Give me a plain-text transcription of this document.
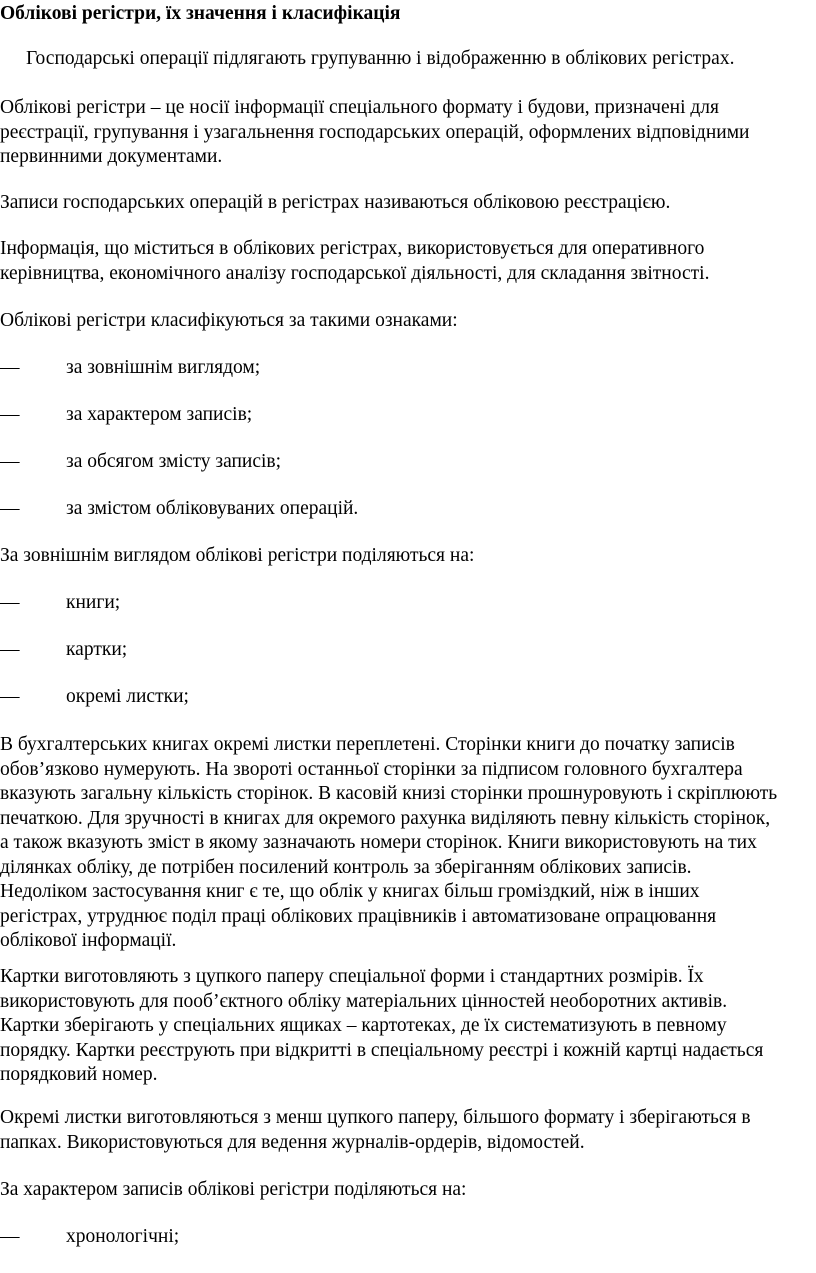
Облікові регістри, їх значення і класифікація
Господарські операції підлягають групуванню і відображенню в облікових регістрах.
Облікові регістри – це носії інформації спеціального формату і будови, призначені для
реєстрації, групування і узагальнення господарських операцій, оформлених відповідними
первинними документами.
Записи господарських операцій в регістрах називаються обліковою реєстрацією.
Інформація, що міститься в облікових регістрах, використовується для оперативного
керівництва, економічного аналізу господарської діяльності, для складання звітності.
Облікові регістри класифікуються за такими ознаками:
— за зовнішнім виглядом;
— за характером записів;
— за обсягом змісту записів;
— за змістом обліковуваних операцій.
За зовнішнім виглядом облікові регістри поділяються на:
— книги;
— картки;
— окремі листки;
В бухгалтерських книгах окремі листки переплетені. Сторінки книги до початку записів
обов’язково нумерують. На звороті останньої сторінки за підписом головного бухгалтера
вказують загальну кількість сторінок. В касовій книзі сторінки прошнуровують і скріплюють
печаткою. Для зручності в книгах для окремого рахунка виділяють певну кількість сторінок,
а також вказують зміст в якому зазначають номери сторінок. Книги використовують на тих
ділянках обліку, де потрібен посилений контроль за зберіганням облікових записів.
Недоліком застосування книг є те, що облік у книгах більш громіздкий, ніж в інших
регістрах, утруднює поділ праці облікових працівників і автоматизоване опрацювання
облікової інформації.
Картки виготовляють з цупкого паперу спеціальної форми і стандартних розмірів. Їх
використовують для пооб’єктного обліку матеріальних цінностей необоротних активів.
Картки зберігають у спеціальних ящиках – картотеках, де їх систематизують в певному
порядку. Картки реєструють при відкритті в спеціальному реєстрі і кожній картці надається
порядковий номер.
Окремі листки виготовляються з менш цупкого паперу, більшого формату і зберігаються в
папках. Використовуються для ведення журналів-ордерів, відомостей.
За характером записів облікові регістри поділяються на:
— хронологічні;
